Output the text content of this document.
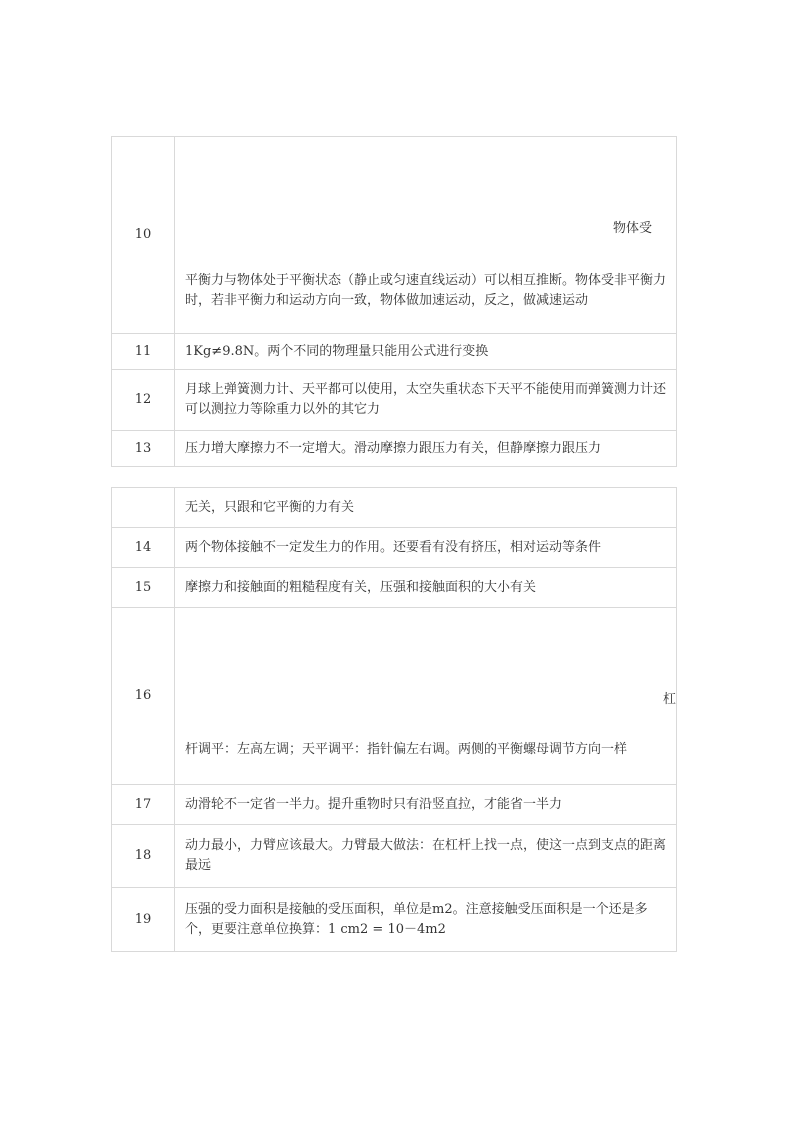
10	物体受
平衡力与物体处于平衡状态（静止或匀速直线运动）可以相互推断。物体受非平衡力时，若非平衡力和运动方向一致，物体做加速运动，反之，做减速运动

11	1Kg≠9.8N。两个不同的物理量只能用公式进行变换
12	月球上弹簧测力计、天平都可以使用，太空失重状态下天平不能使用而弹簧测力计还可以测拉力等除重力以外的其它力
13	压力增大摩擦力不一定增大。滑动摩擦力跟压力有关，但静摩擦力跟压力
	无关，只跟和它平衡的力有关
14	两个物体接触不一定发生力的作用。还要看有没有挤压，相对运动等条件
15	摩擦力和接触面的粗糙程度有关，压强和接触面积的大小有关
16	杠
杆调平：左高左调；天平调平：指针偏左右调。两侧的平衡螺母调节方向一样

17	动滑轮不一定省一半力。提升重物时只有沿竖直拉，才能省一半力
18	动力最小，力臂应该最大。力臂最大做法：在杠杆上找一点，使这一点到支点的距离最远
19	压强的受力面积是接触的受压面积，单位是m2。注意接触受压面积是一个还是多个，更要注意单位换算：1 cm2 = 10－4m2
